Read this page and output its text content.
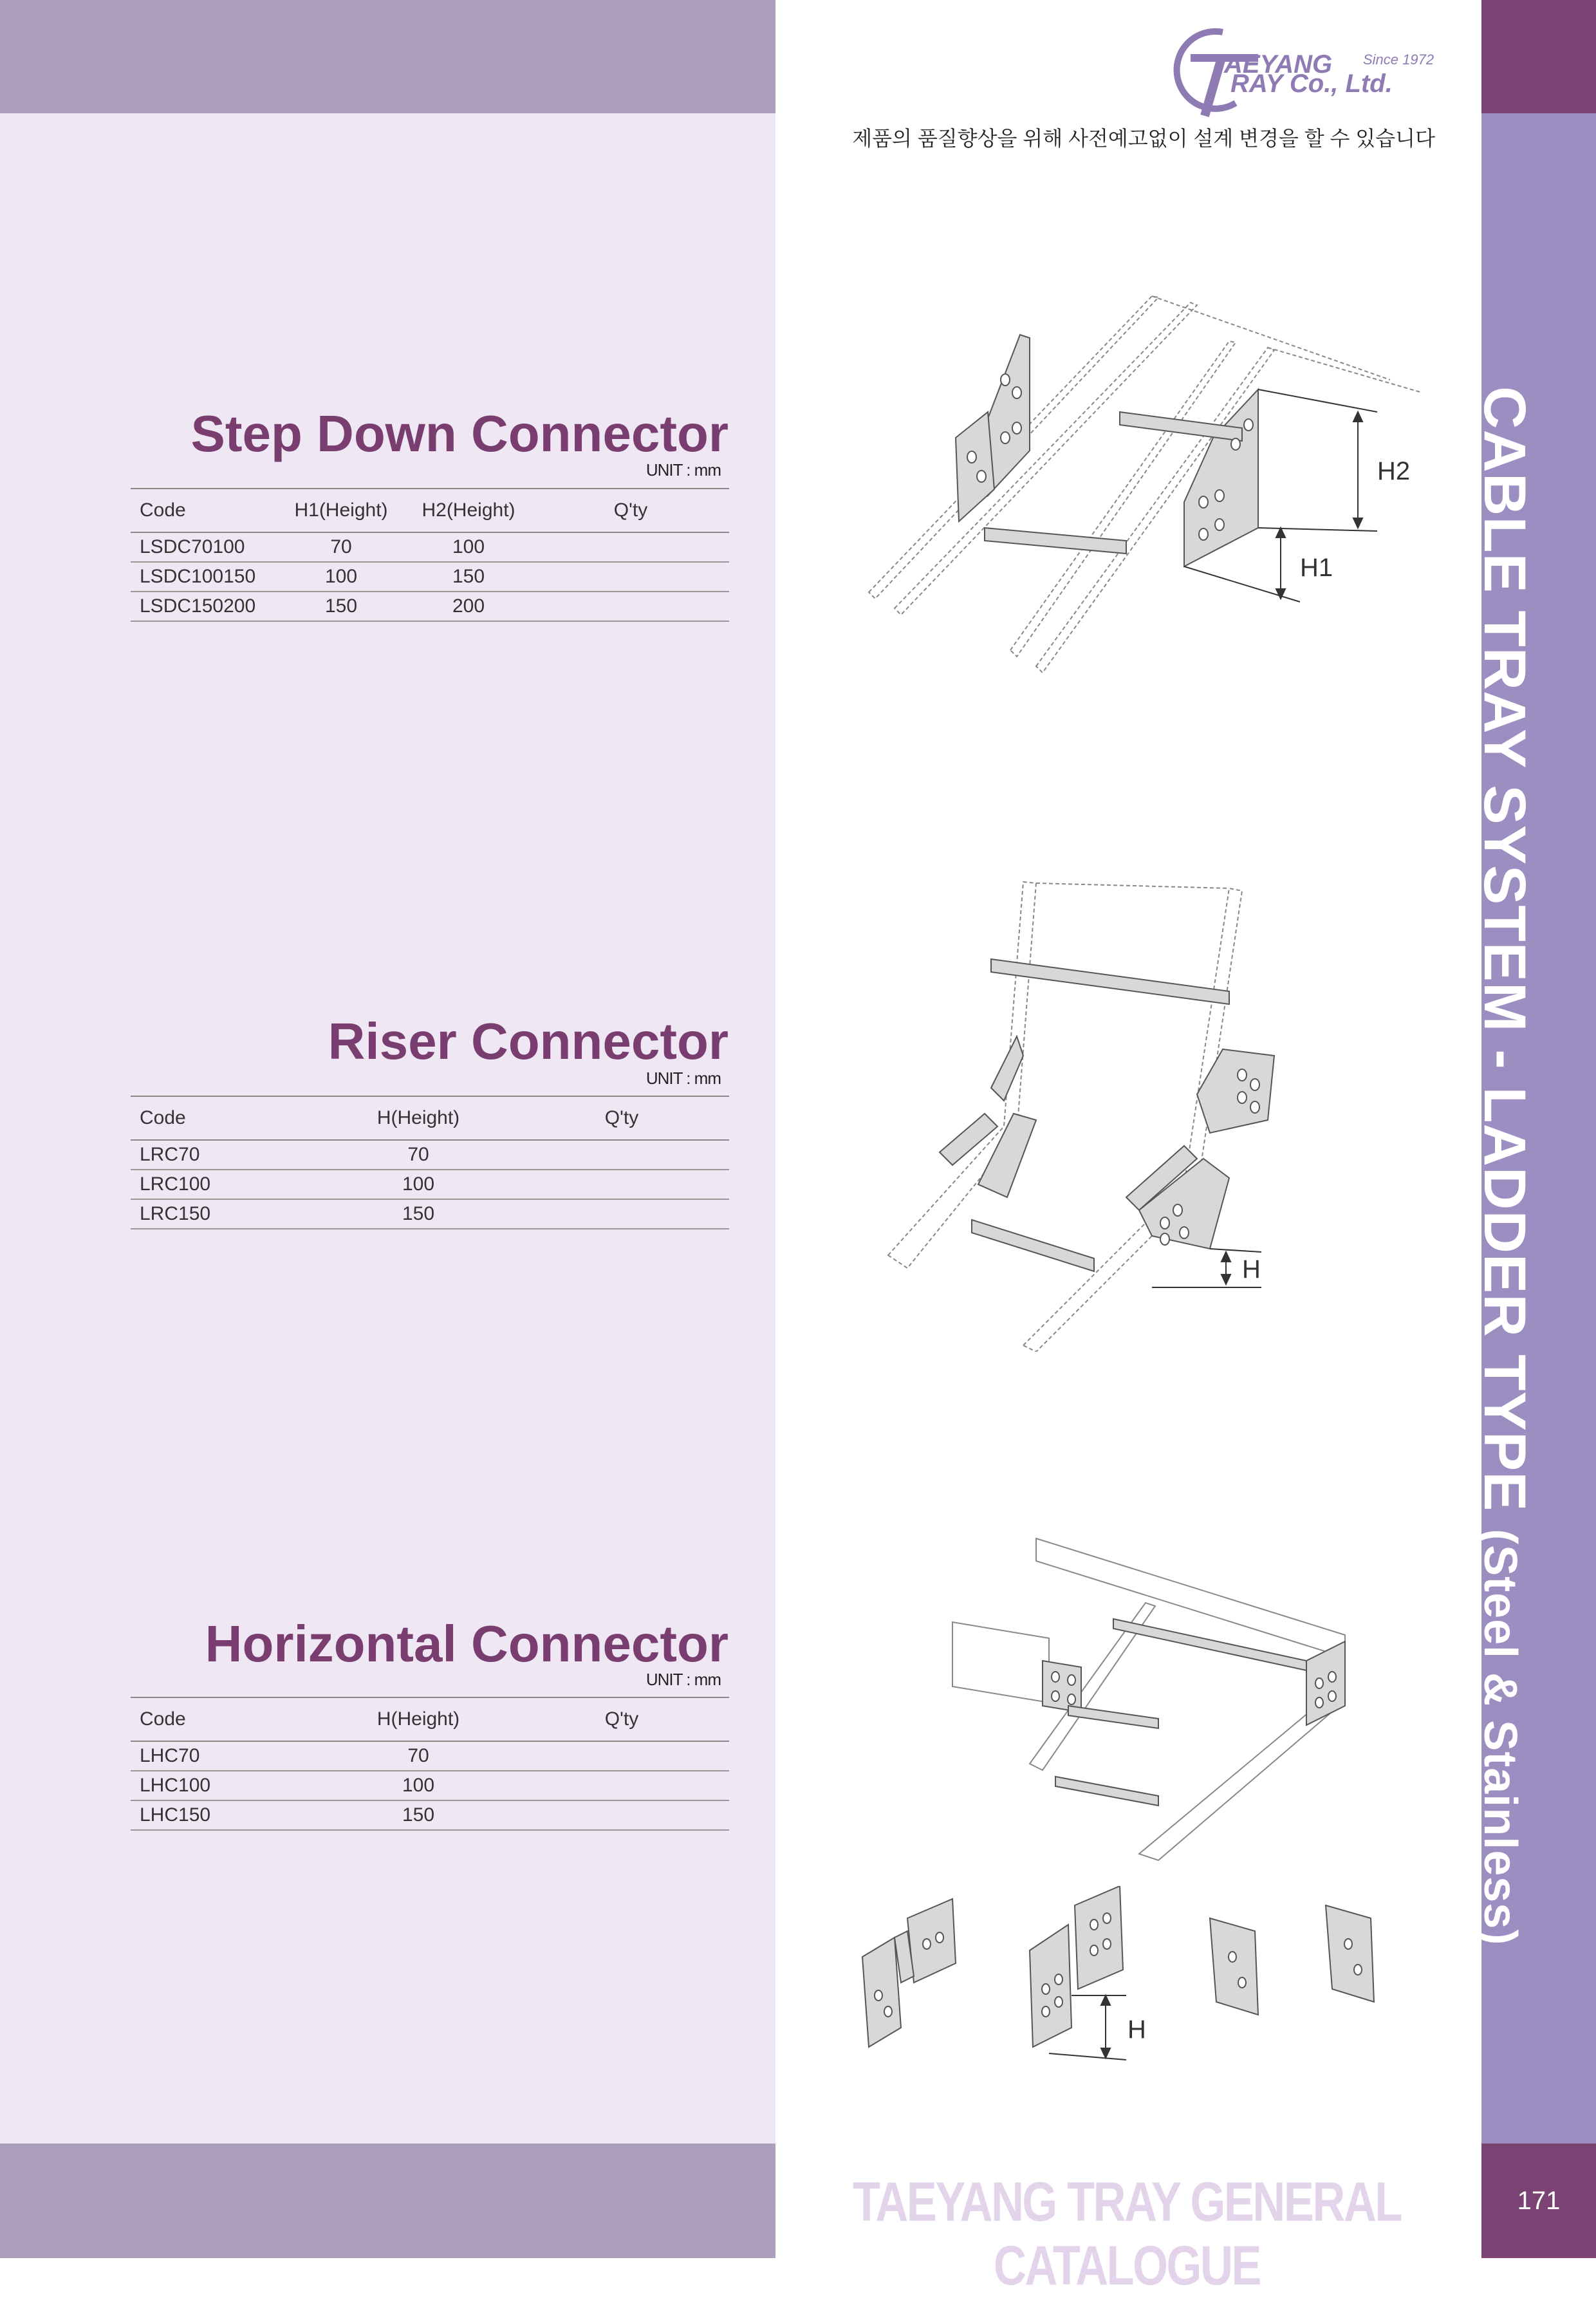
171
CABLE TRAY SYSTEM - LADDER TYPE (Steel & Stainless)
AEYANG
RAY Co., Ltd.
Since 1972
제품의 품질향상을 위해 사전예고없이 설계 변경을 할 수 있습니다
Step Down Connector
UNIT : mm
Code	H1(Height)	H2(Height)	Q'ty
LSDC70100	70	100	
LSDC100150	100	150	
LSDC150200	150	200	
Riser Connector
UNIT : mm
Code	H(Height)	Q'ty
LRC70	70	
LRC100	100	
LRC150	150	
Horizontal Connector
UNIT : mm
Code	H(Height)	Q'ty
LHC70	70	
LHC100	100	
LHC150	150	
H2
H1
H
H
TAEYANG TRAY GENERAL CATALOGUE
